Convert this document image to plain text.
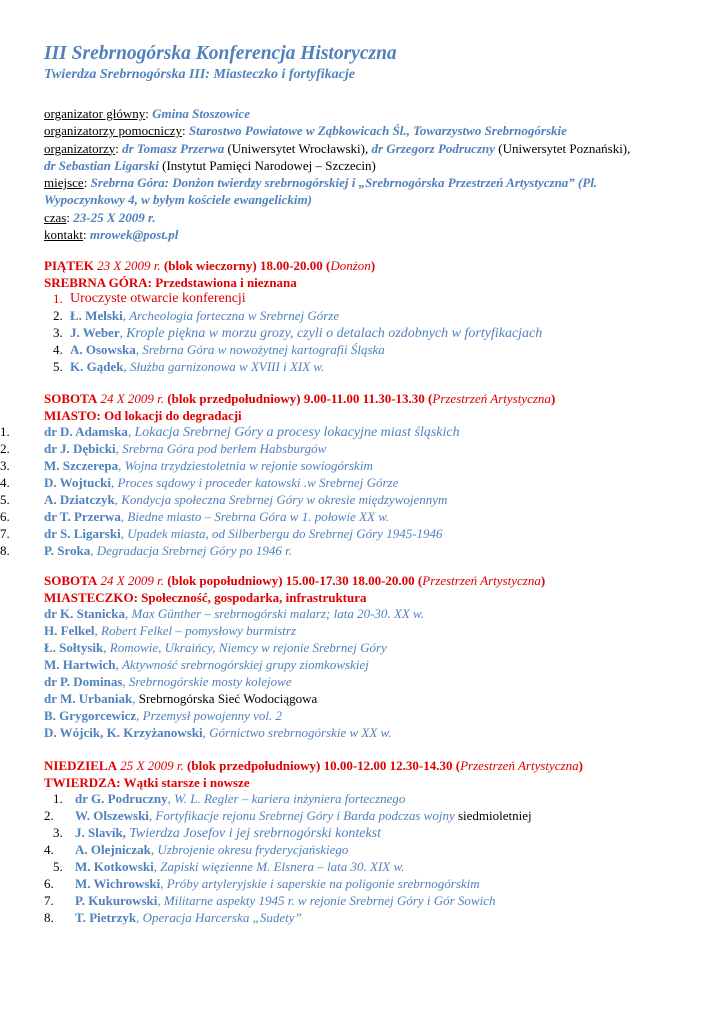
III Srebrnogórska Konferencja Historyczna
Twierdza Srebrnogórska III: Miasteczko i fortyfikacje
organizator główny: Gmina Stoszowice
organizatorzy pomocniczy: Starostwo Powiatowe w Ząbkowicach Śl., Towarzystwo Srebrnogórskie
organizatorzy: dr Tomasz Przerwa (Uniwersytet Wrocławski), dr Grzegorz Podruczny (Uniwersytet Poznański),
dr Sebastian Ligarski (Instytut Pamięci Narodowej – Szczecin)
miejsce: Srebrna Góra: Donżon twierdzy srebrnogórskiej i „Srebrnogórska Przestrzeń Artystyczna” (Pl.
Wypoczynkowy 4, w byłym kościele ewangelickim)
czas: 23-25 X 2009 r.
kontakt: mrowek@post.pl
PIĄTEK 23 X 2009 r. (blok wieczorny) 18.00-20.00 (Donżon)
SREBRNA GÓRA: Przedstawiona i nieznana
1. Uroczyste otwarcie konferencji
2. Ł. Melski, Archeologia forteczna w Srebrnej Górze
3. J. Weber, Krople piękna w morzu grozy, czyli o detalach ozdobnych w fortyfikacjach
4. A. Osowska, Srebrna Góra w nowożytnej kartografii Śląska
5. K. Gądek, Służba garnizonowa w XVIII i XIX w.
SOBOTA 24 X 2009 r. (blok przedpołudniowy) 9.00-11.00 11.30-13.30 (Przestrzeń Artystyczna)
MIASTO: Od lokacji do degradacji
1.	dr D. Adamska, Lokacja Srebrnej Góry a procesy lokacyjne miast śląskich
2.	dr J. Dębicki, Srebrna Góra pod berłem Habsburgów
3.	M. Szczerepa, Wojna trzydziestoletnia w rejonie sowiogórskim
4.	D. Wojtucki, Proces sądowy i proceder katowski .w Srebrnej Górze
5.	A. Dziatczyk, Kondycja społeczna Srebrnej Góry w okresie międzywojennym
6.	dr T. Przerwa, Biedne miasto – Srebrna Góra w 1. połowie XX w.
7.	dr S. Ligarski, Upadek miasta, od Silberbergu do Srebrnej Góry 1945-1946
8.	P. Sroka, Degradacja Srebrnej Góry po 1946 r.
SOBOTA 24 X 2009 r. (blok popołudniowy) 15.00-17.30 18.00-20.00 (Przestrzeń Artystyczna)
MIASTECZKO: Społeczność, gospodarka, infrastruktura
dr K. Stanicka, Max Günther – srebrnogórski malarz; lata 20-30. XX w.
H. Felkel, Robert Felkel – pomysłowy burmistrz
Ł. Sołtysik, Romowie, Ukraińcy, Niemcy w rejonie Srebrnej Góry
M. Hartwich, Aktywność srebrnogórskiej grupy ziomkowskiej
dr P. Dominas, Srebrnogórskie mosty kolejowe
dr M. Urbaniak, Srebrnogórska Sieć Wodociągowa
B. Grygorcewicz, Przemysł powojenny vol. 2
D. Wójcik, K. Krzyżanowski, Górnictwo srebrnogórskie w XX w.
NIEDZIELA 25 X 2009 r. (blok przedpołudniowy) 10.00-12.00 12.30-14.30 (Przestrzeń Artystyczna)
TWIERDZA: Wątki starsze i nowsze
1. dr G. Podruczny, W. L. Regler – kariera inżyniera fortecznego
2. W. Olszewski, Fortyfikacje rejonu Srebrnej Góry i Barda podczas wojny siedmioletniej
3. J. Slavík, Twierdza Josefov i jej srebrnogórski kontekst
4. A. Olejniczak, Uzbrojenie okresu fryderycjańskiego
5. M. Kotkowski, Zapiski więzienne M. Elsnera – lata 30. XIX w.
6. M. Wichrowski, Próby artyleryjskie i saperskie na poligonie srebrnogórskim
7. P. Kukurowski, Militarne aspekty 1945 r. w rejonie Srebrnej Góry i Gór Sowich
8. T. Pietrzyk, Operacja Harcerska „Sudety”
